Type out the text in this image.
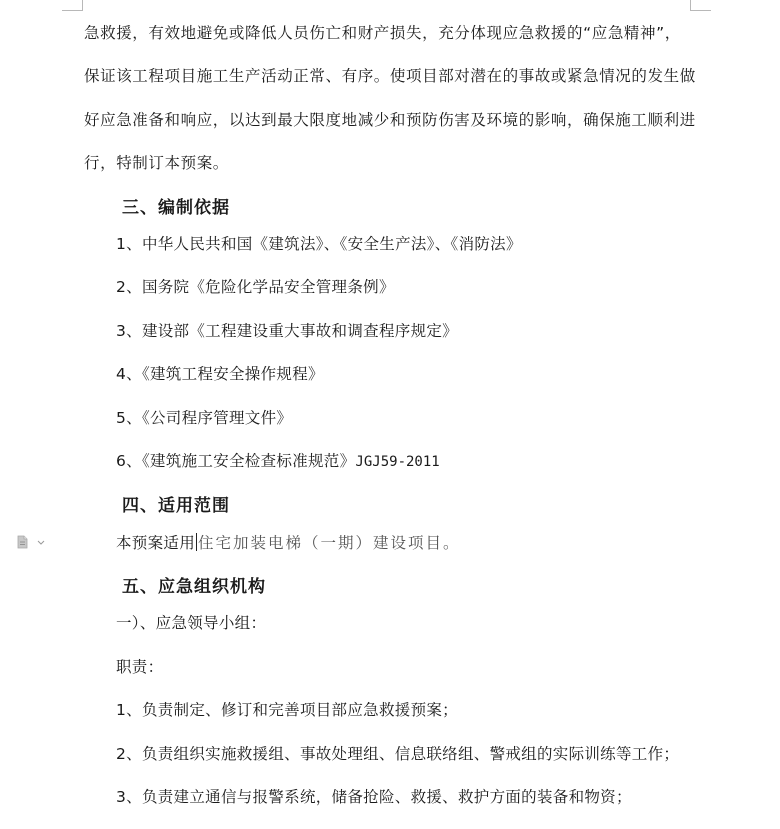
急救援，有效地避免或降低人员伤亡和财产损失，充分体现应急救援的“应急精神”，
保证该工程项目施工生产活动正常、有序。使项目部对潜在的事故或紧急情况的发生做
好应急准备和响应，以达到最大限度地减少和预防伤害及环境的影响，确保施工顺利进
行，特制订本预案。
三、编制依据
1、中华人民共和国《建筑法》、《安全生产法》、《消防法》
2、国务院《危险化学品安全管理条例》
3、建设部《工程建设重大事故和调查程序规定》
4、《建筑工程安全操作规程》
5、《公司程序管理文件》
6、《建筑施工安全检查标准规范》JGJ59-2011
四、适用范围
本预案适用 住宅加装电梯（一期）建设项目。
五、应急组织机构
一）、应急领导小组：
职责：
1、负责制定、修订和完善项目部应急救援预案；
2、负责组织实施救援组、事故处理组、信息联络组、警戒组的实际训练等工作；
3、负责建立通信与报警系统，储备抢险、救援、救护方面的装备和物资；
